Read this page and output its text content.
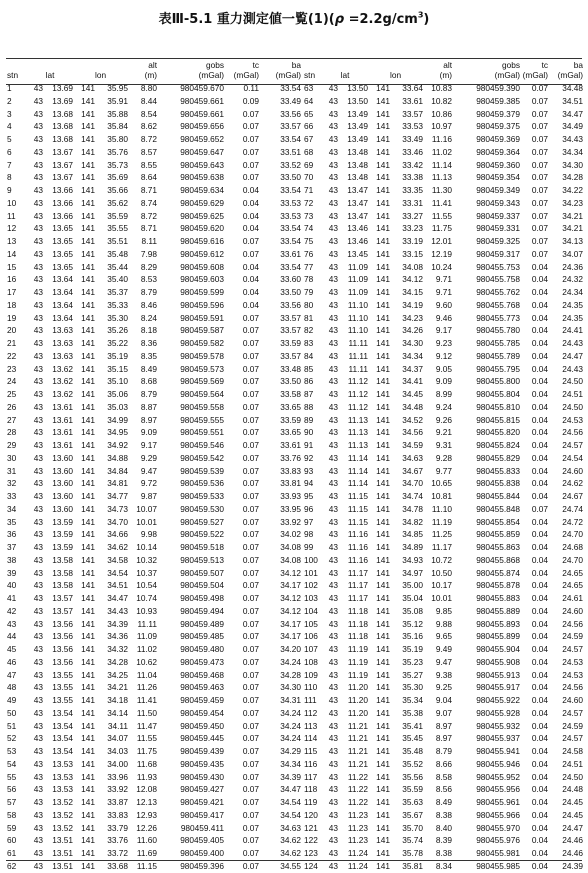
表Ⅲ-5.1 重力測定値一覧$(1)(\rho =2.2g/cm^3)$
stn	lat		lon		alt
(m)	gobs
(mGal)	tc
(mGal)	ba
(mGal)

1	43	13.69	141	35.95	8.80	980459.670	0.11	33.54
2	43	13.69	141	35.91	8.44	980459.661	0.09	33.49
3	43	13.68	141	35.88	8.54	980459.661	0.07	33.56
4	43	13.68	141	35.84	8.62	980459.656	0.07	33.57
5	43	13.68	141	35.80	8.72	980459.652	0.07	33.54
6	43	13.67	141	35.76	8.57	980459.647	0.07	33.51
7	43	13.67	141	35.73	8.55	980459.643	0.07	33.52
8	43	13.67	141	35.69	8.64	980459.638	0.07	33.50
9	43	13.66	141	35.66	8.71	980459.634	0.04	33.54
10	43	13.66	141	35.62	8.74	980459.629	0.04	33.53
11	43	13.66	141	35.59	8.72	980459.625	0.04	33.53
12	43	13.65	141	35.55	8.71	980459.620	0.04	33.54
13	43	13.65	141	35.51	8.11	980459.616	0.07	33.54
14	43	13.65	141	35.48	7.98	980459.612	0.07	33.61
15	43	13.65	141	35.44	8.29	980459.608	0.04	33.54
16	43	13.64	141	35.40	8.53	980459.603	0.04	33.60
17	43	13.64	141	35.37	8.79	980459.599	0.04	33.50
18	43	13.64	141	35.33	8.46	980459.596	0.04	33.56
19	43	13.64	141	35.30	8.24	980459.591	0.07	33.57
20	43	13.63	141	35.26	8.18	980459.587	0.07	33.57
21	43	13.63	141	35.22	8.36	980459.582	0.07	33.59
22	43	13.63	141	35.19	8.35	980459.578	0.07	33.57
23	43	13.62	141	35.15	8.49	980459.573	0.07	33.48
24	43	13.62	141	35.10	8.68	980459.569	0.07	33.50
25	43	13.62	141	35.06	8.79	980459.564	0.07	33.58
26	43	13.61	141	35.03	8.87	980459.558	0.07	33.65
27	43	13.61	141	34.99	8.97	980459.555	0.07	33.59
28	43	13.61	141	34.95	9.09	980459.551	0.07	33.65
29	43	13.61	141	34.92	9.17	980459.546	0.07	33.61
30	43	13.60	141	34.88	9.29	980459.542	0.07	33.76
31	43	13.60	141	34.84	9.47	980459.539	0.07	33.83
32	43	13.60	141	34.81	9.72	980459.536	0.07	33.81
33	43	13.60	141	34.77	9.87	980459.533	0.07	33.93
34	43	13.60	141	34.73	10.07	980459.530	0.07	33.95
35	43	13.59	141	34.70	10.01	980459.527	0.07	33.92
36	43	13.59	141	34.66	9.98	980459.522	0.07	34.02
37	43	13.59	141	34.62	10.14	980459.518	0.07	34.08
38	43	13.58	141	34.58	10.32	980459.513	0.07	34.08
39	43	13.58	141	34.54	10.37	980459.507	0.07	34.12
40	43	13.58	141	34.51	10.54	980459.504	0.07	34.17
41	43	13.57	141	34.47	10.74	980459.498	0.07	34.12
42	43	13.57	141	34.43	10.93	980459.494	0.07	34.12
43	43	13.56	141	34.39	11.11	980459.489	0.07	34.17
44	43	13.56	141	34.36	11.09	980459.485	0.07	34.17
45	43	13.56	141	34.32	11.02	980459.480	0.07	34.20
46	43	13.56	141	34.28	10.62	980459.473	0.07	34.24
47	43	13.55	141	34.25	11.04	980459.468	0.07	34.28
48	43	13.55	141	34.21	11.26	980459.463	0.07	34.30
49	43	13.55	141	34.18	11.41	980459.459	0.07	34.31
50	43	13.54	141	34.14	11.50	980459.454	0.07	34.24
51	43	13.54	141	34.11	11.47	980459.450	0.07	34.24
52	43	13.54	141	34.07	11.55	980459.445	0.07	34.24
53	43	13.54	141	34.03	11.75	980459.439	0.07	34.29
54	43	13.53	141	34.00	11.68	980459.435	0.07	34.34
55	43	13.53	141	33.96	11.93	980459.430	0.07	34.39
56	43	13.53	141	33.92	12.08	980459.427	0.07	34.47
57	43	13.52	141	33.87	12.13	980459.421	0.07	34.54
58	43	13.52	141	33.83	12.93	980459.417	0.07	34.54
59	43	13.52	141	33.79	12.26	980459.411	0.07	34.63
60	43	13.51	141	33.76	11.60	980459.405	0.07	34.62
61	43	13.51	141	33.72	11.69	980459.400	0.07	34.62
62	43	13.51	141	33.68	11.15	980459.396	0.07	34.55
stn	lat		lon		alt
(m)	gobs
(mGal)	tc
(mGal)	ba
(mGal)

63	43	13.50	141	33.64	10.83	980459.390	0.07	34.48
64	43	13.50	141	33.61	10.82	980459.385	0.07	34.51
65	43	13.49	141	33.57	10.86	980459.379	0.07	34.47
66	43	13.49	141	33.53	10.97	980459.375	0.07	34.49
67	43	13.49	141	33.49	11.16	980459.369	0.07	34.43
68	43	13.48	141	33.46	11.02	980459.364	0.07	34.34
69	43	13.48	141	33.42	11.14	980459.360	0.07	34.30
70	43	13.48	141	33.38	11.13	980459.354	0.07	34.28
71	43	13.47	141	33.35	11.30	980459.349	0.07	34.22
72	43	13.47	141	33.31	11.41	980459.343	0.07	34.23
73	43	13.47	141	33.27	11.55	980459.337	0.07	34.21
74	43	13.46	141	33.23	11.75	980459.331	0.07	34.21
75	43	13.46	141	33.19	12.01	980459.325	0.07	34.13
76	43	13.45	141	33.15	12.19	980459.317	0.07	34.07
77	43	11.09	141	34.08	10.24	980455.753	0.04	24.36
78	43	11.09	141	34.12	9.71	980455.758	0.04	24.32
79	43	11.09	141	34.15	9.71	980455.762	0.04	24.34
80	43	11.10	141	34.19	9.60	980455.768	0.04	24.35
81	43	11.10	141	34.23	9.46	980455.773	0.04	24.35
82	43	11.10	141	34.26	9.17	980455.780	0.04	24.41
83	43	11.11	141	34.30	9.23	980455.785	0.04	24.43
84	43	11.11	141	34.34	9.12	980455.789	0.04	24.47
85	43	11.11	141	34.37	9.05	980455.795	0.04	24.43
86	43	11.12	141	34.41	9.09	980455.800	0.04	24.50
87	43	11.12	141	34.45	8.99	980455.804	0.04	24.51
88	43	11.12	141	34.48	9.24	980455.810	0.04	24.50
89	43	11.13	141	34.52	9.26	980455.815	0.04	24.53
90	43	11.13	141	34.56	9.21	980455.820	0.04	24.56
91	43	11.13	141	34.59	9.31	980455.824	0.04	24.57
92	43	11.14	141	34.63	9.28	980455.829	0.04	24.54
93	43	11.14	141	34.67	9.77	980455.833	0.04	24.60
94	43	11.14	141	34.70	10.65	980455.838	0.04	24.62
95	43	11.15	141	34.74	10.81	980455.844	0.04	24.67
96	43	11.15	141	34.78	11.10	980455.848	0.07	24.74
97	43	11.15	141	34.82	11.19	980455.854	0.04	24.72
98	43	11.16	141	34.85	11.25	980455.859	0.04	24.70
99	43	11.16	141	34.89	11.17	980455.863	0.04	24.68
100	43	11.16	141	34.93	10.72	980455.868	0.04	24.70
101	43	11.17	141	34.97	10.50	980455.874	0.04	24.65
102	43	11.17	141	35.00	10.17	980455.878	0.04	24.65
103	43	11.17	141	35.04	10.01	980455.883	0.04	24.61
104	43	11.18	141	35.08	9.85	980455.889	0.04	24.60
105	43	11.18	141	35.12	9.88	980455.893	0.04	24.56
106	43	11.18	141	35.16	9.65	980455.899	0.04	24.59
107	43	11.19	141	35.19	9.49	980455.904	0.04	24.57
108	43	11.19	141	35.23	9.47	980455.908	0.04	24.53
109	43	11.19	141	35.27	9.38	980455.913	0.04	24.53
110	43	11.20	141	35.30	9.25	980455.917	0.04	24.56
111	43	11.20	141	35.34	9.04	980455.922	0.04	24.60
112	43	11.20	141	35.38	9.07	980455.928	0.04	24.57
113	43	11.21	141	35.41	8.97	980455.932	0.04	24.59
114	43	11.21	141	35.45	8.97	980455.937	0.04	24.57
115	43	11.21	141	35.48	8.79	980455.941	0.04	24.58
116	43	11.21	141	35.52	8.66	980455.946	0.04	24.51
117	43	11.22	141	35.56	8.58	980455.952	0.04	24.50
118	43	11.22	141	35.59	8.56	980455.956	0.04	24.48
119	43	11.22	141	35.63	8.49	980455.961	0.04	24.45
120	43	11.23	141	35.67	8.38	980455.966	0.04	24.45
121	43	11.23	141	35.70	8.40	980455.970	0.04	24.47
122	43	11.23	141	35.74	8.39	980455.976	0.04	24.46
123	43	11.24	141	35.78	8.38	980455.981	0.04	24.46
124	43	11.24	141	35.81	8.34	980455.985	0.04	24.39
